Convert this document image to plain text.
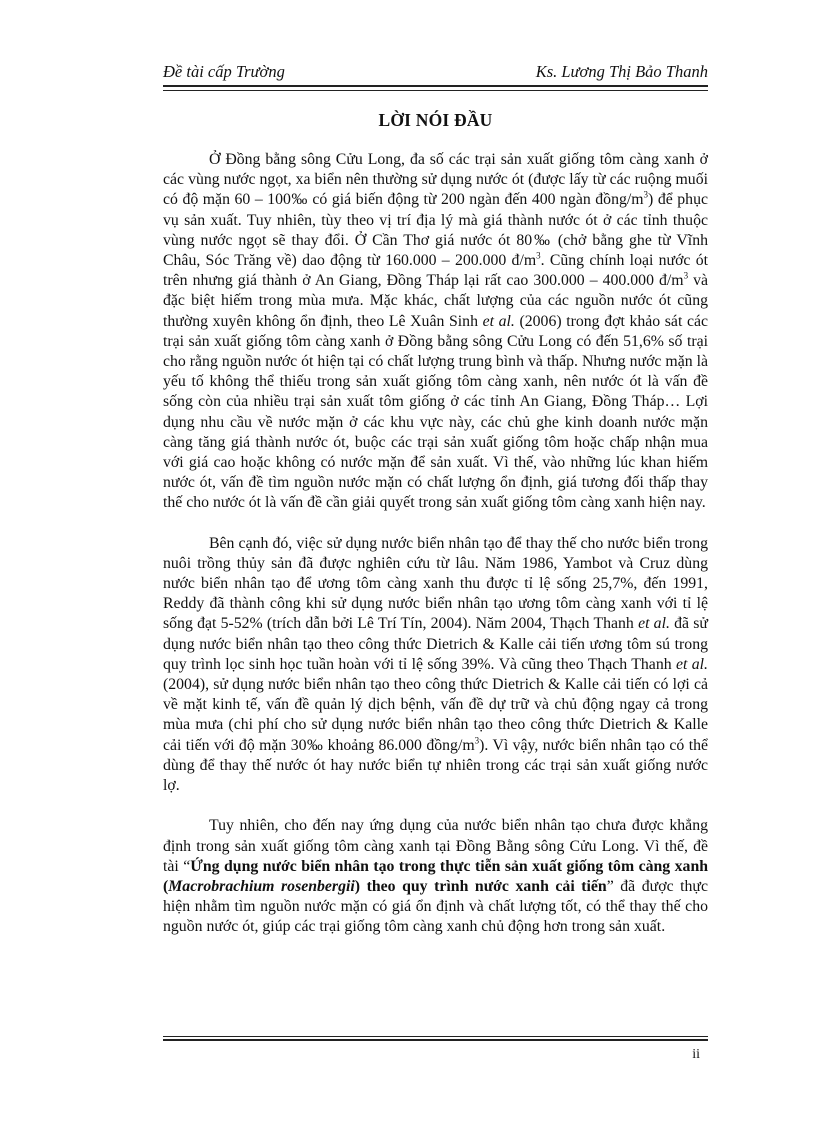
Đề tài cấp Trường	Ks. Lương Thị Bảo Thanh
LỜI NÓI ĐẦU

Ở Đồng bằng sông Cửu Long, đa số các trại sản xuất giống tôm càng xanh ở các vùng nước ngọt, xa biển nên thường sử dụng nước ót (được lấy từ các ruộng muối có độ mặn 60 – 100‰ có giá biến động từ 200 ngàn đến 400 ngàn đồng/$m^3$) để phục vụ sản xuất. Tuy nhiên, tùy theo vị trí địa lý mà giá thành nước ót ở các tỉnh thuộc vùng nước ngọt sẽ thay đổi. Ở Cần Thơ giá nước ót 80‰ (chở bằng ghe từ Vĩnh Châu, Sóc Trăng về) dao động từ 160.000 – 200.000 $đ/m^3$. Cũng chính loại nước ót trên nhưng giá thành ở An Giang, Đồng Tháp lại rất cao 300.000 – 400.000 $đ/m^3$ và đặc biệt hiếm trong mùa mưa. Mặc khác, chất lượng của các nguồn nước ót cũng thường xuyên không ổn định, theo Lê Xuân Sinh et al. (2006) trong đợt khảo sát các trại sản xuất giống tôm càng xanh ở Đồng bằng sông Cửu Long có đến 51,6% số trại cho rằng nguồn nước ót hiện tại có chất lượng trung bình và thấp. Nhưng nước mặn là yếu tố không thể thiếu trong sản xuất giống tôm càng xanh, nên nước ót là vấn đề sống còn của nhiều trại sản xuất tôm giống ở các tỉnh An Giang, Đồng Tháp… Lợi dụng nhu cầu về nước mặn ở các khu vực này, các chủ ghe kinh doanh nước mặn càng tăng giá thành nước ót, buộc các trại sản xuất giống tôm hoặc chấp nhận mua với giá cao hoặc không có nước mặn để sản xuất. Vì thế, vào những lúc khan hiếm nước ót, vấn đề tìm nguồn nước mặn có chất lượng ổn định, giá tương đối thấp thay thế cho nước ót là vấn đề cần giải quyết trong sản xuất giống tôm càng xanh hiện nay.

Bên cạnh đó, việc sử dụng nước biển nhân tạo để thay thế cho nước biển trong nuôi trồng thủy sản đã được nghiên cứu từ lâu. Năm 1986, Yambot và Cruz dùng nước biển nhân tạo để ương tôm càng xanh thu được tỉ lệ sống 25,7%, đến 1991, Reddy đã thành công khi sử dụng nước biển nhân tạo ương tôm càng xanh với tỉ lệ sống đạt 5-52% (trích dẫn bởi Lê Trí Tín, 2004). Năm 2004, Thạch Thanh et al. đã sử dụng nước biển nhân tạo theo công thức Dietrich & Kalle cải tiến ương tôm sú trong quy trình lọc sinh học tuần hoàn với tỉ lệ sống 39%. Và cũng theo Thạch Thanh et al. (2004), sử dụng nước biển nhân tạo theo công thức Dietrich & Kalle cải tiến có lợi cả về mặt kinh tế, vấn đề quản lý dịch bệnh, vấn đề dự trữ và chủ động ngay cả trong mùa mưa (chi phí cho sử dụng nước biển nhân tạo theo công thức Dietrich & Kalle cải tiến với độ mặn 30‰ khoảng 86.000 đồng/$m^3$). Vì vậy, nước biển nhân tạo có thể dùng để thay thế nước ót hay nước biển tự nhiên trong các trại sản xuất giống nước lợ.

Tuy nhiên, cho đến nay ứng dụng của nước biển nhân tạo chưa được khẳng định trong sản xuất giống tôm càng xanh tại Đồng Bằng sông Cửu Long. Vì thế, đề tài “Ứng dụng nước biển nhân tạo trong thực tiễn sản xuất giống tôm càng xanh (Macrobrachium rosenbergii) theo quy trình nước xanh cải tiến” đã được thực hiện nhằm tìm nguồn nước mặn có giá ổn định và chất lượng tốt, có thể thay thế cho nguồn nước ót, giúp các trại giống tôm càng xanh chủ động hơn trong sản xuất.

ii
